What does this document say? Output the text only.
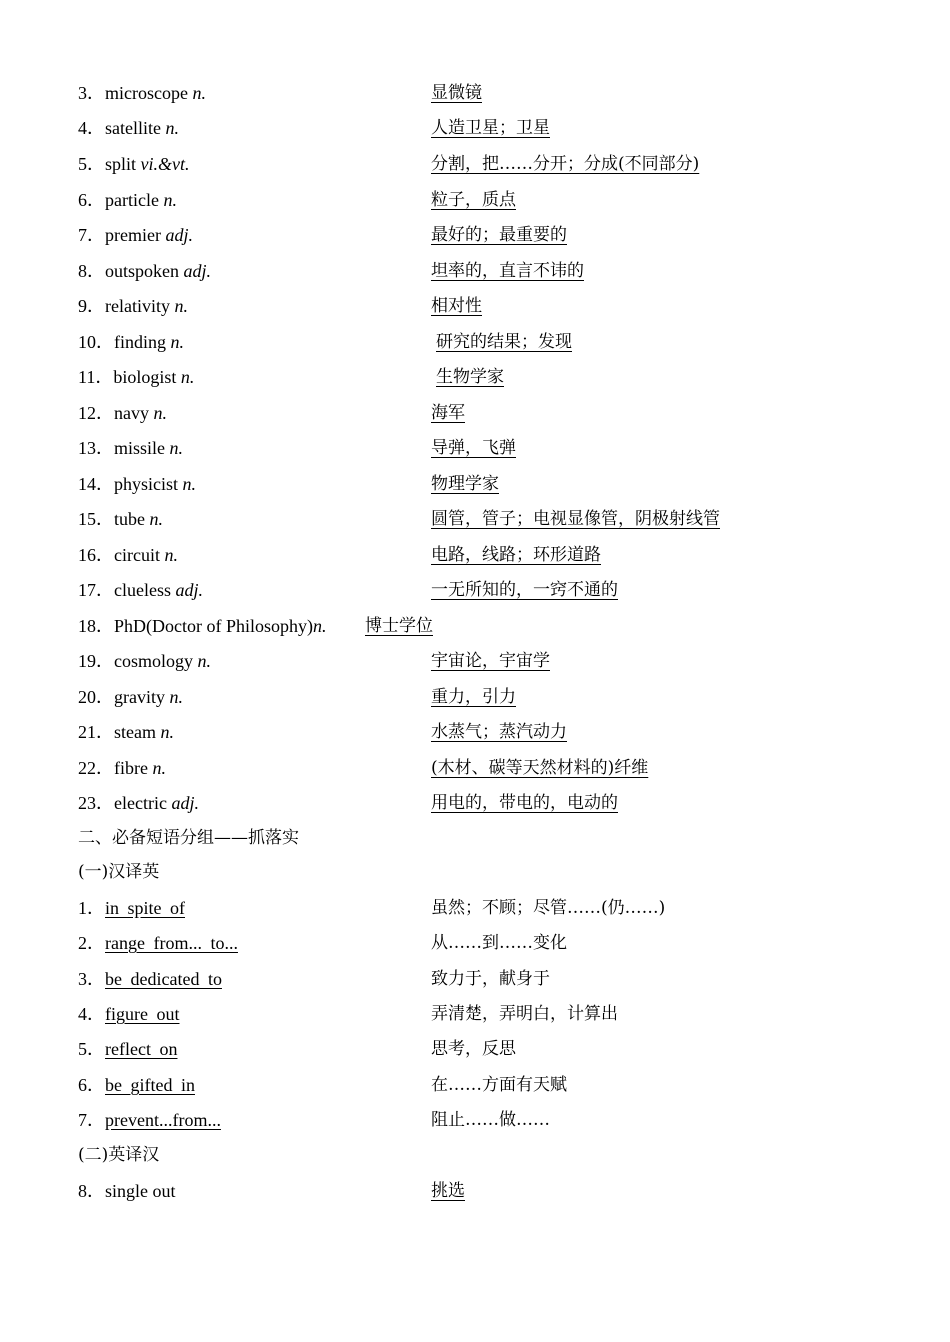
3．microscope n.	显微镜
4．satellite n.	人造卫星；卫星
5．split vi.&vt.	分割，把……分开；分成(不同部分)
6．particle n.	粒子，质点
7．premier adj.	最好的；最重要的
8．outspoken adj.	坦率的，直言不讳的
9．relativity n.	相对性
10．finding n.	研究的结果；发现
11．biologist n.	生物学家
12．navy n.	海军
13．missile n.	导弹，飞弹
14．physicist n.	物理学家
15．tube n.	圆管，管子；电视显像管，阴极射线管
16．circuit n.	电路，线路；环形道路
17．clueless adj.	一无所知的，一窍不通的
18．PhD(Doctor of Philosophy)n. 博士学位
19．cosmology n.	宇宙论，宇宙学
20．gravity n.	重力，引力
21．steam n.	水蒸气；蒸汽动力
22．fibre n.	(木材、碳等天然材料的)纤维
23．electric adj.	用电的，带电的，电动的
二、必备短语分组——抓落实
(一)汉译英
1．in spite of	虽然；不顾；尽管……(仍……)
2．range from... to...	从……到……变化
3．be dedicated to	致力于，献身于
4．figure out	弄清楚，弄明白，计算出
5．reflect on	思考，反思
6．be gifted in	在……方面有天赋
7．prevent...from...	阻止……做……
(二)英译汉
8．single out	挑选
